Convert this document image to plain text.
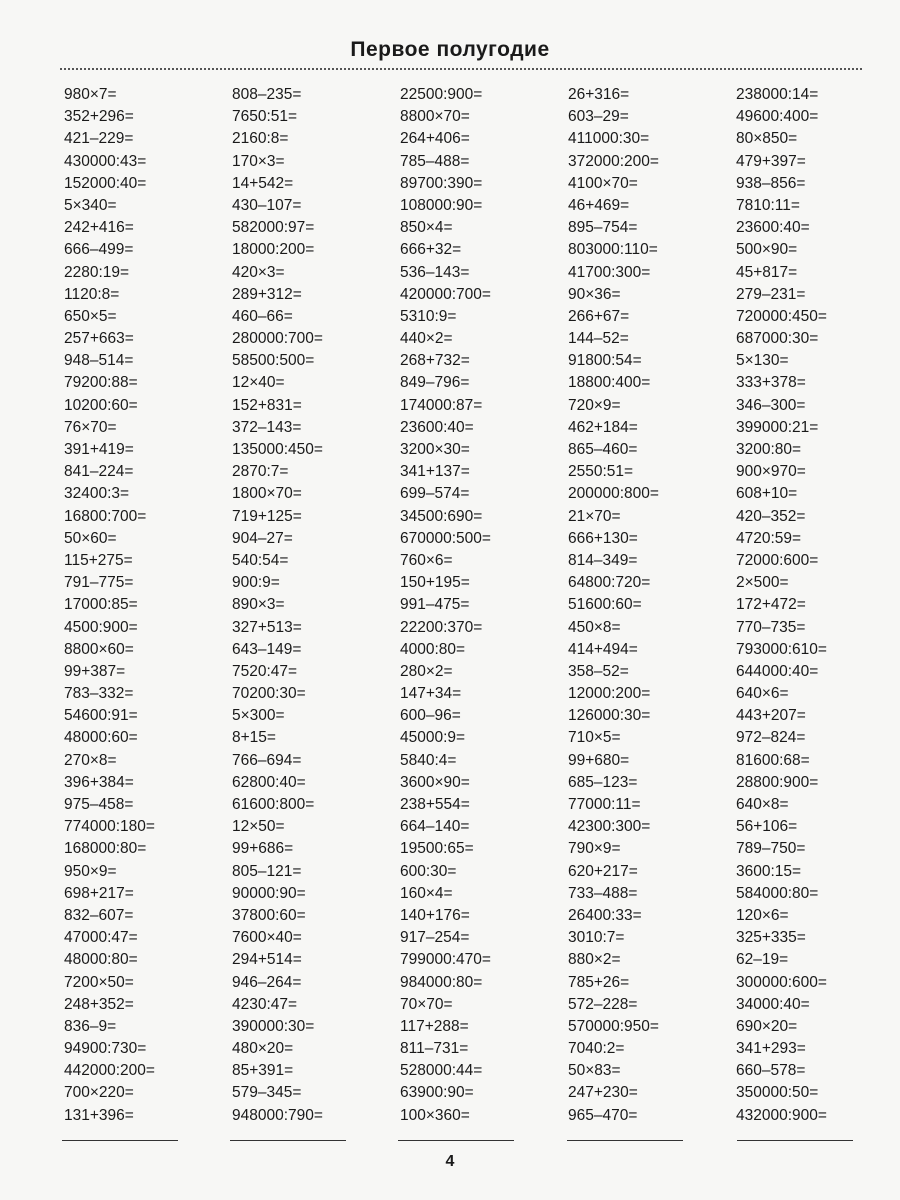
Первое полугодие
980×7=
352+296=
421–229=
430000:43=
152000:40=
5×340=
242+416=
666–499=
2280:19=
1120:8=
650×5=
257+663=
948–514=
79200:88=
10200:60=
76×70=
391+419=
841–224=
32400:3=
16800:700=
50×60=
115+275=
791–775=
17000:85=
4500:900=
8800×60=
99+387=
783–332=
54600:91=
48000:60=
270×8=
396+384=
975–458=
774000:180=
168000:80=
950×9=
698+217=
832–607=
47000:47=
48000:80=
7200×50=
248+352=
836–9=
94900:730=
442000:200=
700×220=
131+396=
808–235=
7650:51=
2160:8=
170×3=
14+542=
430–107=
582000:97=
18000:200=
420×3=
289+312=
460–66=
280000:700=
58500:500=
12×40=
152+831=
372–143=
135000:450=
2870:7=
1800×70=
719+125=
904–27=
540:54=
900:9=
890×3=
327+513=
643–149=
7520:47=
70200:30=
5×300=
8+15=
766–694=
62800:40=
61600:800=
12×50=
99+686=
805–121=
90000:90=
37800:60=
7600×40=
294+514=
946–264=
4230:47=
390000:30=
480×20=
85+391=
579–345=
948000:790=
22500:900=
8800×70=
264+406=
785–488=
89700:390=
108000:90=
850×4=
666+32=
536–143=
420000:700=
5310:9=
440×2=
268+732=
849–796=
174000:87=
23600:40=
3200×30=
341+137=
699–574=
34500:690=
670000:500=
760×6=
150+195=
991–475=
22200:370=
4000:80=
280×2=
147+34=
600–96=
45000:9=
5840:4=
3600×90=
238+554=
664–140=
19500:65=
600:30=
160×4=
140+176=
917–254=
799000:470=
984000:80=
70×70=
117+288=
811–731=
528000:44=
63900:90=
100×360=
26+316=
603–29=
411000:30=
372000:200=
4100×70=
46+469=
895–754=
803000:110=
41700:300=
90×36=
266+67=
144–52=
91800:54=
18800:400=
720×9=
462+184=
865–460=
2550:51=
200000:800=
21×70=
666+130=
814–349=
64800:720=
51600:60=
450×8=
414+494=
358–52=
12000:200=
126000:30=
710×5=
99+680=
685–123=
77000:11=
42300:300=
790×9=
620+217=
733–488=
26400:33=
3010:7=
880×2=
785+26=
572–228=
570000:950=
7040:2=
50×83=
247+230=
965–470=
238000:14=
49600:400=
80×850=
479+397=
938–856=
7810:11=
23600:40=
500×90=
45+817=
279–231=
720000:450=
687000:30=
5×130=
333+378=
346–300=
399000:21=
3200:80=
900×970=
608+10=
420–352=
4720:59=
72000:600=
2×500=
172+472=
770–735=
793000:610=
644000:40=
640×6=
443+207=
972–824=
81600:68=
28800:900=
640×8=
56+106=
789–750=
3600:15=
584000:80=
120×6=
325+335=
62–19=
300000:600=
34000:40=
690×20=
341+293=
660–578=
350000:50=
432000:900=
4
